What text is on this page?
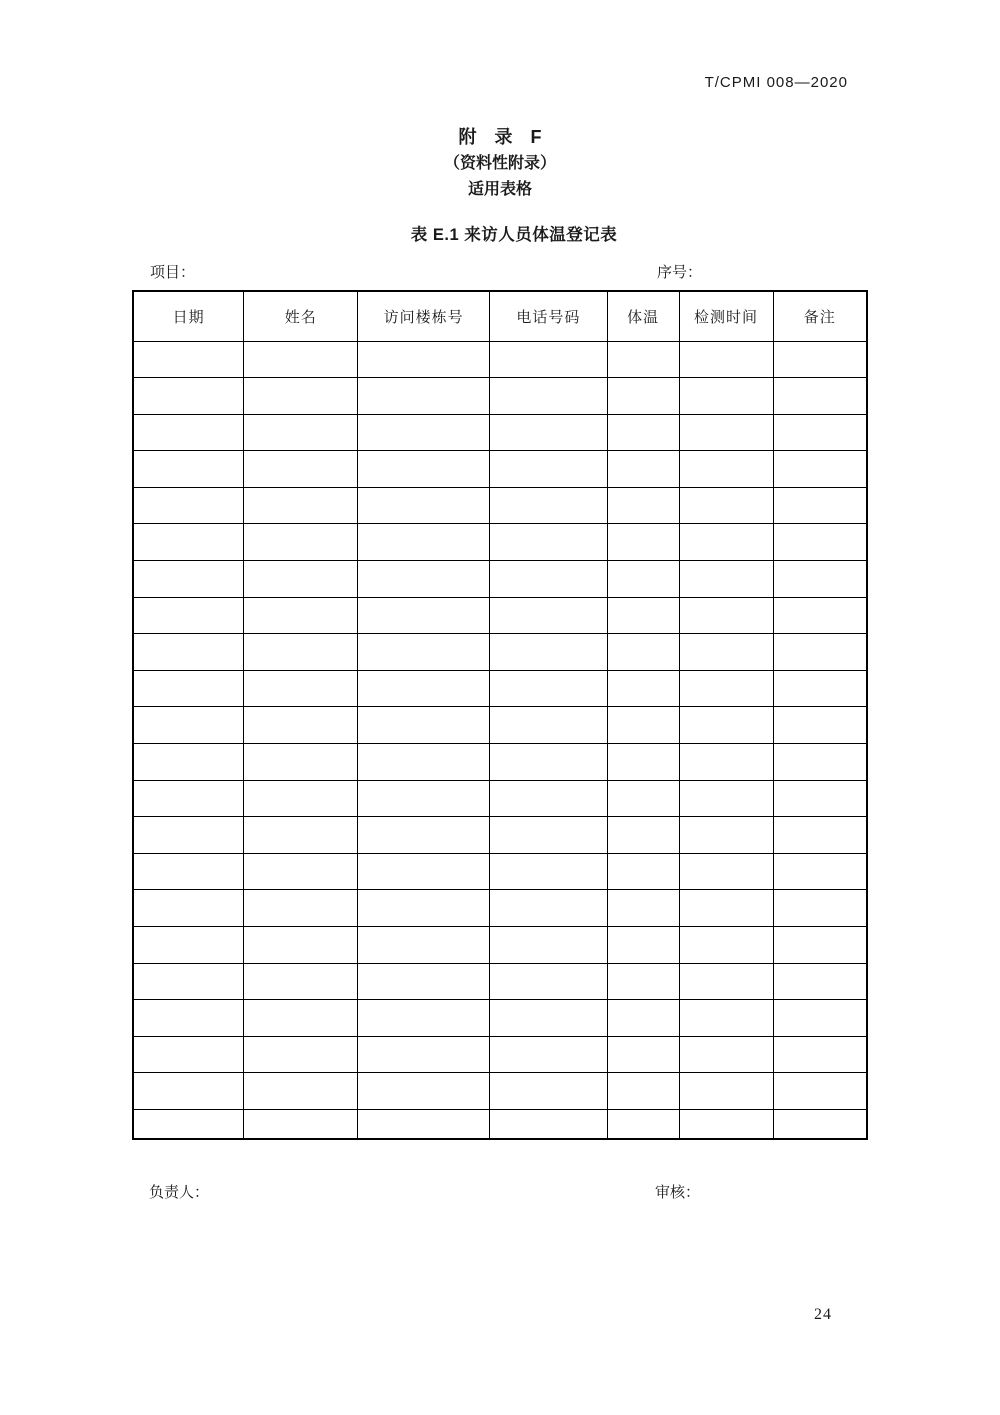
T/CPMI 008—2020
附　录　F
（资料性附录）
适用表格
表 E.1 来访人员体温登记表
项目：	序号：
日期	姓名	访问楼栋号	电话号码	体温	检测时间	备注

负责人：	审核：
24
